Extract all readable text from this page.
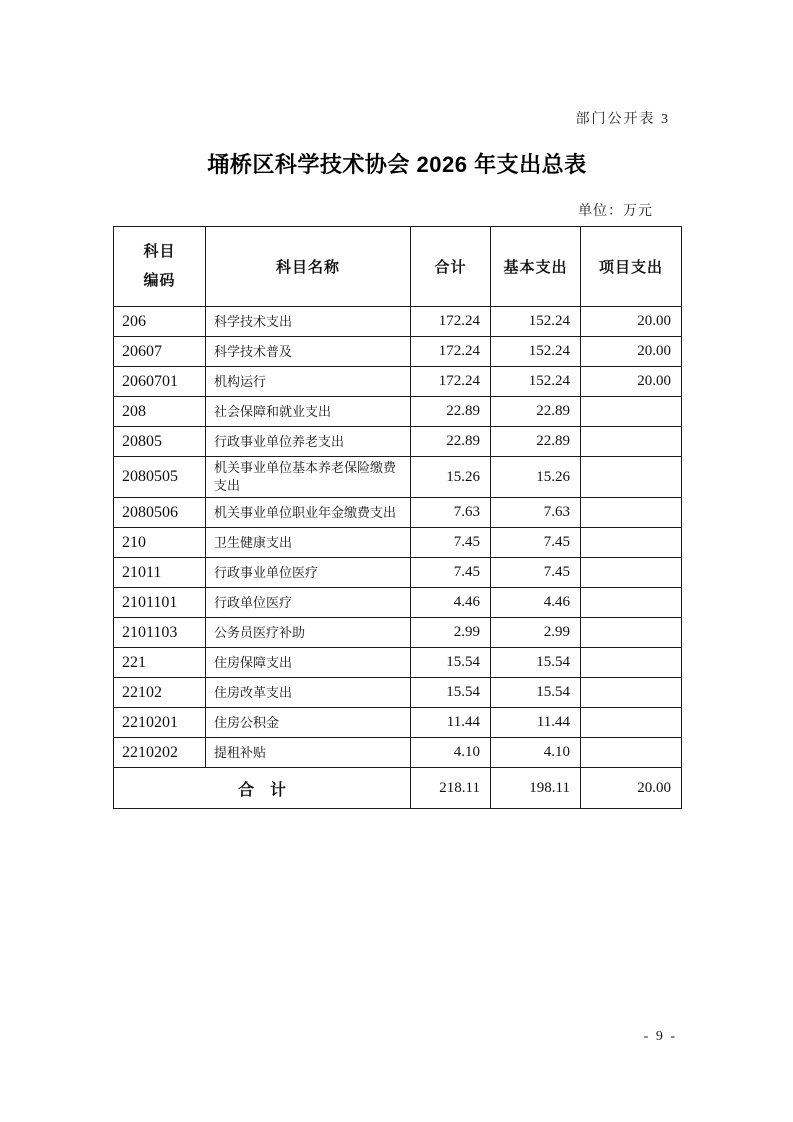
部门公开表 3
埇桥区科学技术协会 2026 年支出总表
单位：万元
科目
编码	科目名称	合计	基本支出	项目支出
206	科学技术支出	172.24	152.24	20.00
20607	科学技术普及	172.24	152.24	20.00
2060701	机构运行	172.24	152.24	20.00
208	社会保障和就业支出	22.89	22.89	
20805	行政事业单位养老支出	22.89	22.89	
2080505	机关事业单位基本养老保险缴费支出	15.26	15.26	
2080506	机关事业单位职业年金缴费支出	7.63	7.63	
210	卫生健康支出	7.45	7.45	
21011	行政事业单位医疗	7.45	7.45	
2101101	行政单位医疗	4.46	4.46	
2101103	公务员医疗补助	2.99	2.99	
221	住房保障支出	15.54	15.54	
22102	住房改革支出	15.54	15.54	
2210201	住房公积金	11.44	11.44	
2210202	提租补贴	4.10	4.10	
合　计		218.11	198.11	20.00
- 9 -
